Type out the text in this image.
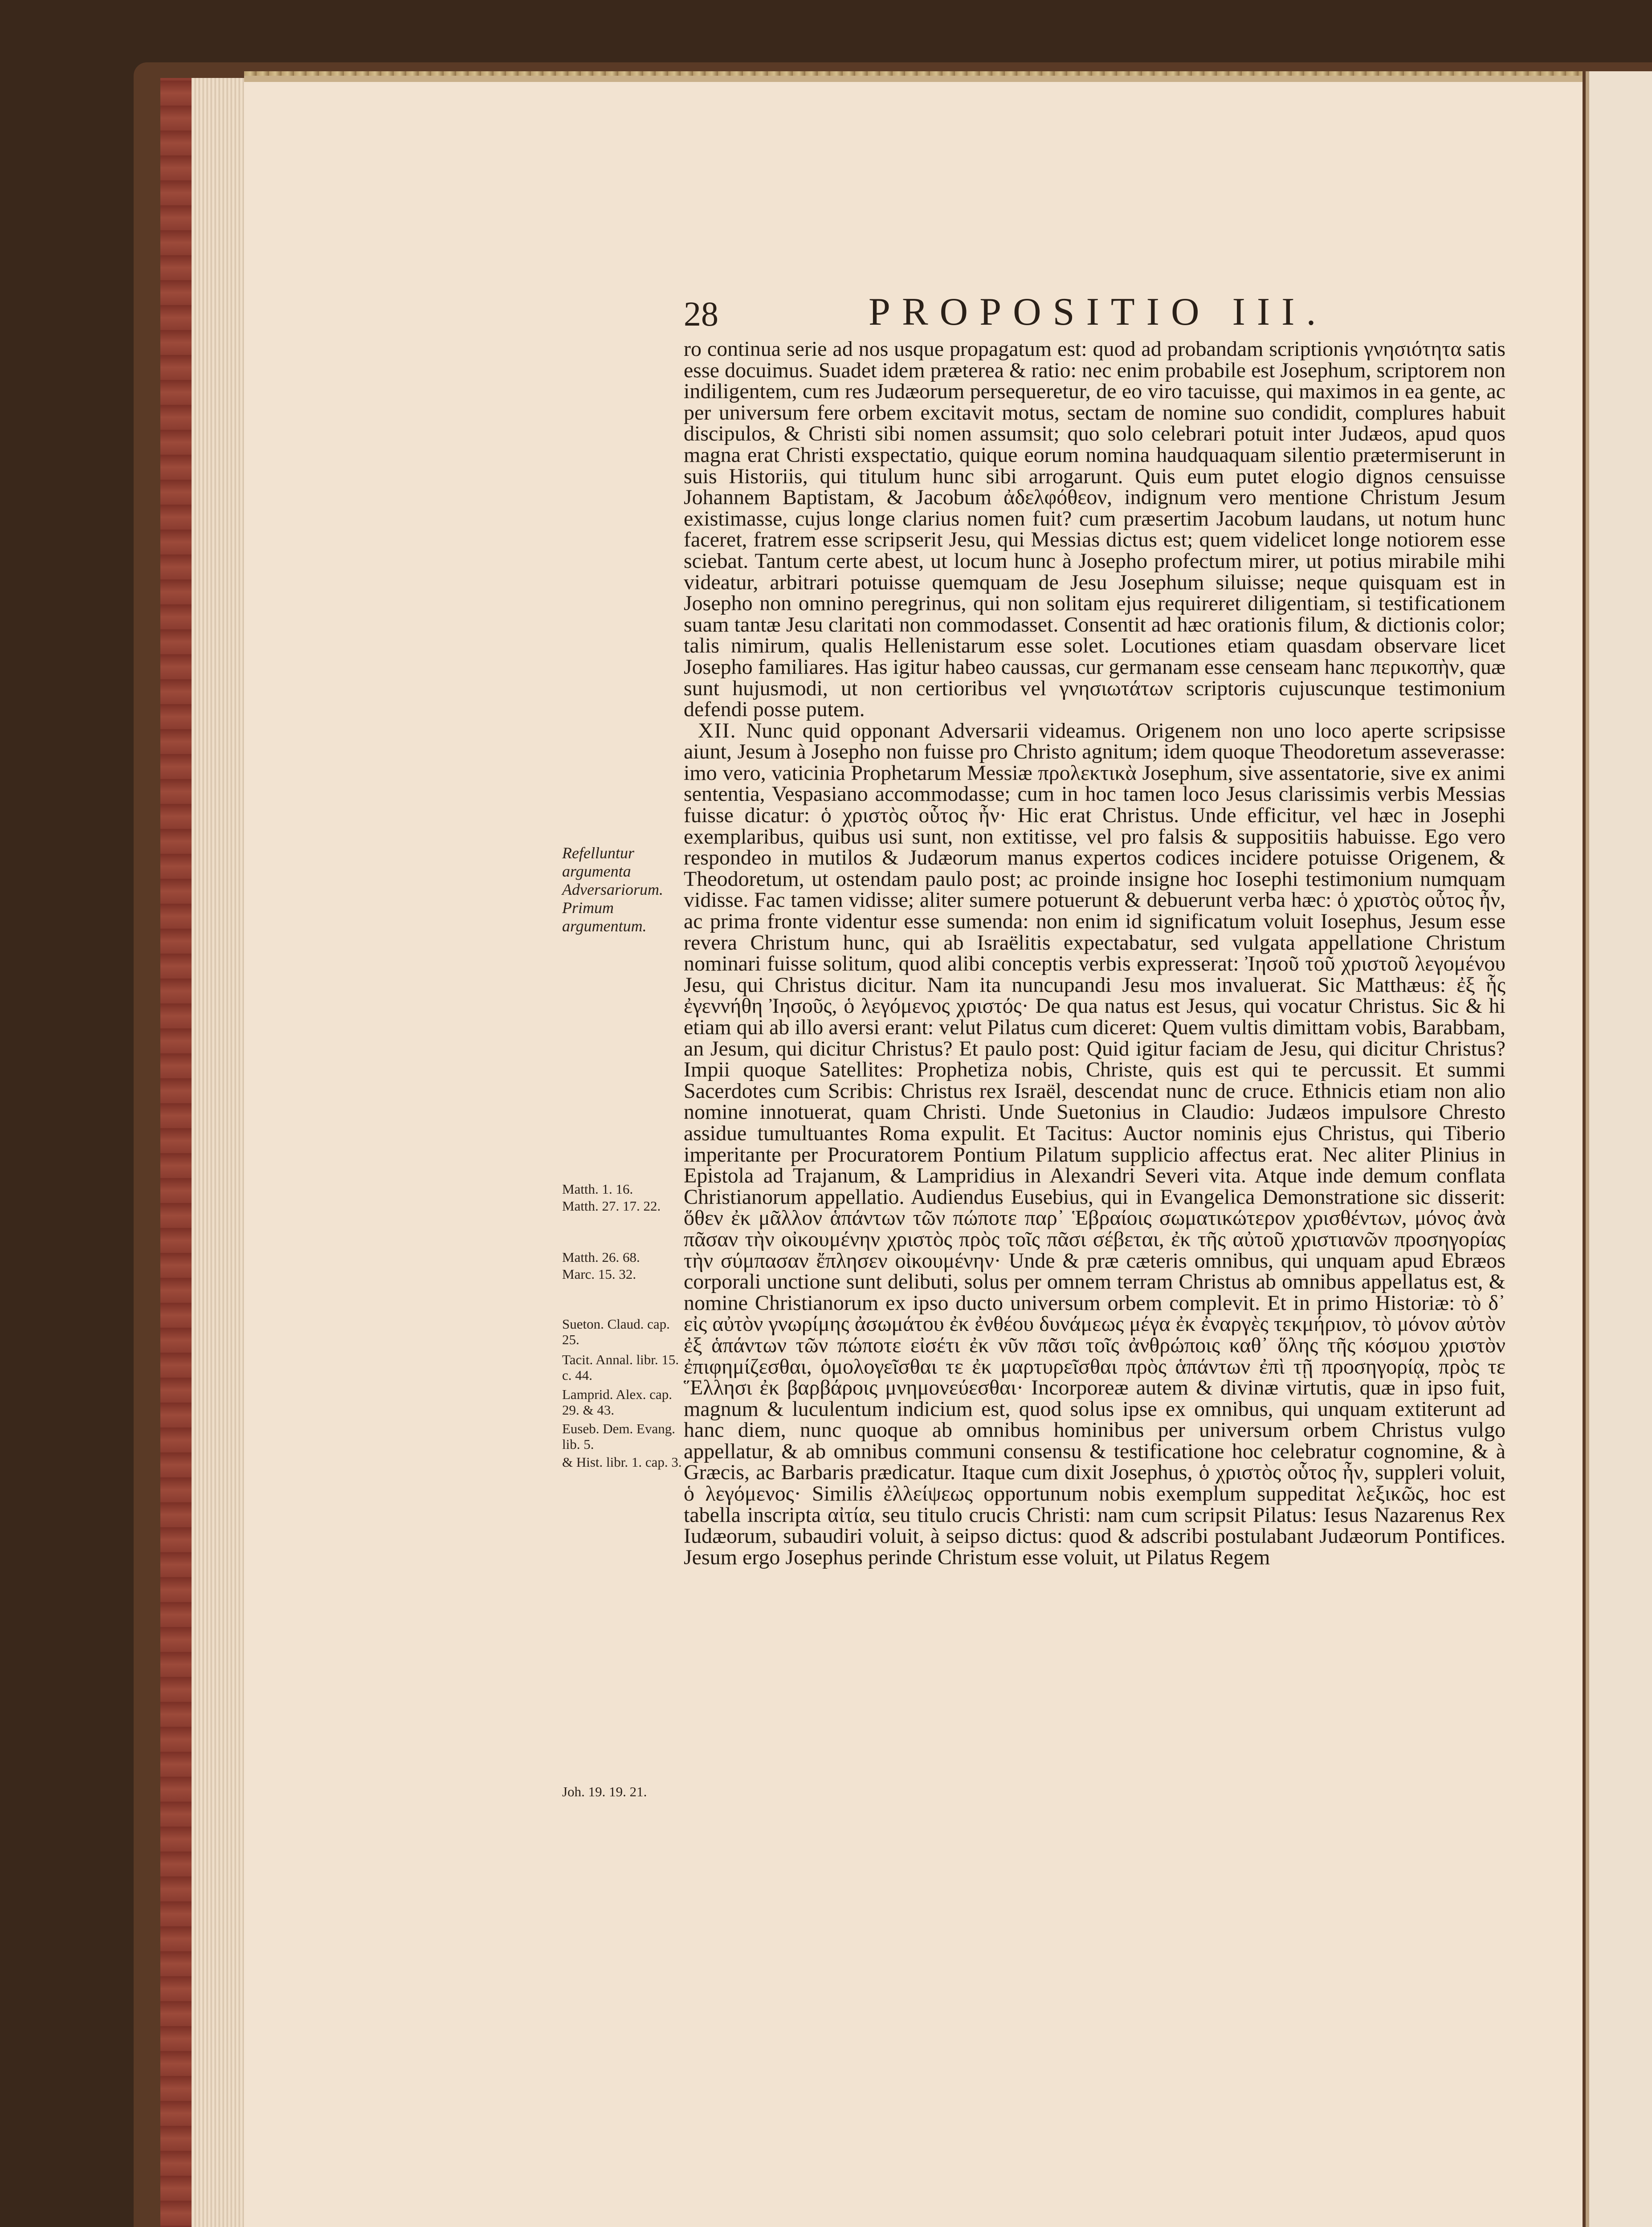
28	PROPOSITIO III.

ro continua serie ad nos usque propagatum est: quod ad probandam scriptionis γνησιότητα satis esse docuimus. Suadet idem præterea & ratio: nec enim probabile est Josephum, scriptorem non indiligentem, cum res Judæorum persequeretur, de eo viro tacuisse, qui maximos in ea gente, ac per universum fere orbem excitavit motus, sectam de nomine suo condidit, complures habuit discipulos, & Christi sibi nomen assumsit; quo solo celebrari potuit inter Judæos, apud quos magna erat Christi exspectatio, quique eorum nomina haudquaquam silentio prætermiserunt in suis Historiis, qui titulum hunc sibi arrogarunt. Quis eum putet elogio dignos censuisse Johannem Baptistam, & Jacobum ἀδελφόθεον, indignum vero mentione Christum Jesum existimasse, cujus longe clarius nomen fuit? cum præsertim Jacobum laudans, ut notum hunc faceret, fratrem esse scripserit Jesu, qui Messias dictus est; quem videlicet longe notiorem esse sciebat. Tantum certe abest, ut locum hunc à Josepho profectum mirer, ut potius mirabile mihi videatur, arbitrari potuisse quemquam de Jesu Josephum siluisse; neque quisquam est in Josepho non omnino peregrinus, qui non solitam ejus requireret diligentiam, si testificationem suam tantæ Jesu claritati non commodasset. Consentit ad hæc orationis filum, & dictionis color; talis nimirum, qualis Hellenistarum esse solet. Locutiones etiam quasdam observare licet Josepho familiares. Has igitur habeo caussas, cur germanam esse censeam hanc περικοπὴν, quæ sunt hujusmodi, ut non certioribus vel γνησιωτάτων scriptoris cujuscunque testimonium defendi posse putem.

XII. Nunc quid opponant Adversarii videamus. Origenem non uno loco aperte scripsisse aiunt, Jesum à Josepho non fuisse pro Christo agnitum; idem quoque Theodoretum asseverasse: imo vero, vaticinia Prophetarum Messiæ προλεκτικὰ Josephum, sive assentatorie, sive ex animi sententia, Vespasiano accommodasse; cum in hoc tamen loco Jesus clarissimis verbis Messias fuisse dicatur: ὁ χριστὸς οὗτος ἦν· Hic erat Christus. Unde efficitur, vel hæc in Josephi exemplaribus, quibus usi sunt, non extitisse, vel pro falsis & suppositiis habuisse. Ego vero respondeo in mutilos & Judæorum manus expertos codices incidere potuisse Origenem, & Theodoretum, ut ostendam paulo post; ac proinde insigne hoc Iosephi testimonium numquam vidisse. Fac tamen vidisse; aliter sumere potuerunt & debuerunt verba hæc: ὁ χριστὸς οὗτος ἦν, ac prima fronte videntur esse sumenda: non enim id significatum voluit Iosephus, Jesum esse revera Christum hunc, qui ab Israëlitis expectabatur, sed vulgata appellatione Christum nominari fuisse solitum, quod alibi conceptis verbis expresserat: Ἰησοῦ τοῦ χριστοῦ λεγομένου Jesu, qui Christus dicitur. Nam ita nuncupandi Jesu mos invaluerat. Sic Matthæus: ἐξ ἧς ἐγεννήθη Ἰησοῦς, ὁ λεγόμενος χριστός· De qua natus est Jesus, qui vocatur Christus. Sic & hi etiam qui ab illo aversi erant: velut Pilatus cum diceret: Quem vultis dimittam vobis, Barabbam, an Jesum, qui dicitur Christus? Et paulo post: Quid igitur faciam de Jesu, qui dicitur Christus? Impii quoque Satellites: Prophetiza nobis, Christe, quis est qui te percussit. Et summi Sacerdotes cum Scribis: Christus rex Israël, descendat nunc de cruce. Ethnicis etiam non alio nomine innotuerat, quam Christi. Unde Suetonius in Claudio: Judæos impulsore Chresto assidue tumultuantes Roma expulit. Et Tacitus: Auctor nominis ejus Christus, qui Tiberio imperitante per Procuratorem Pontium Pilatum supplicio affectus erat. Nec aliter Plinius in Epistola ad Trajanum, & Lampridius in Alexandri Severi vita. Atque inde demum conflata Christianorum appellatio. Audiendus Eusebius, qui in Evangelica Demonstratione sic disserit: ὅθεν ἐκ μᾶλλον ἁπάντων τῶν πώποτε παρ᾽ Ἑβραίοις σωματικώτερον χρισθέντων, μόνος ἀνὰ πᾶσαν τὴν οἰκουμένην χριστὸς πρὸς τοῖς πᾶσι σέβεται, ἐκ τῆς αὐτοῦ χριστιανῶν προσηγορίας τὴν σύμπασαν ἔπλησεν οἰκουμένην· Unde & præ cæteris omnibus, qui unquam apud Ebræos corporali unctione sunt delibuti, solus per omnem terram Christus ab omnibus appellatus est, & nomine Christianorum ex ipso ducto universum orbem complevit. Et in primo Historiæ: τὸ δ᾽ εἰς αὐτὸν γνωρίμης ἀσωμάτου ἐκ ἐνθέου δυνάμεως μέγα ἐκ ἐναργὲς τεκμήριον, τὸ μόνον αὐτὸν ἐξ ἁπάντων τῶν πώποτε εἰσέτι ἐκ νῦν πᾶσι τοῖς ἀνθρώποις καθ᾽ ὅλης τῆς κόσμου χριστὸν ἐπιφημίζεσθαι, ὁμολογεῖσθαι τε ἐκ μαρτυρεῖσθαι πρὸς ἁπάντων ἐπὶ τῇ προσηγορίᾳ, πρὸς τε Ἕλλησι ἐκ βαρβάροις μνημονεύεσθαι· Incorporeæ autem & divinæ virtutis, quæ in ipso fuit, magnum & luculentum indicium est, quod solus ipse ex omnibus, qui unquam extiterunt ad hanc diem, nunc quoque ab omnibus hominibus per universum orbem Christus vulgo appellatur, & ab omnibus communi consensu & testificatione hoc celebratur cognomine, & à Græcis, ac Barbaris prædicatur. Itaque cum dixit Josephus, ὁ χριστὸς οὗτος ἦν, suppleri voluit, ὁ λεγόμενος· Similis ἐλλείψεως opportunum nobis exemplum suppeditat λεξικῶς, hoc est tabella inscripta αἰτία, seu titulo crucis Christi: nam cum scripsit Pilatus: Iesus Nazarenus Rex Iudæorum, subaudiri voluit, à seipso dictus: quod & adscribi postulabant Judæorum Pontifices. Jesum ergo Josephus perinde Christum esse voluit, ut Pilatus Regem

Refelluntur argumenta Adversariorum. Primum argumentum.

Matth. 1. 16.
Matth. 27. 17. 22.
Matth. 26. 68.
Marc. 15. 32.
Sueton. Claud. cap. 25.
Tacit. Annal. libr. 15. c. 44.
Lamprid. Alex. cap. 29. & 43.
Euseb. Dem. Evang. lib. 5.
& Hist. libr. 1. cap. 3.
Joh. 19. 19. 21.
